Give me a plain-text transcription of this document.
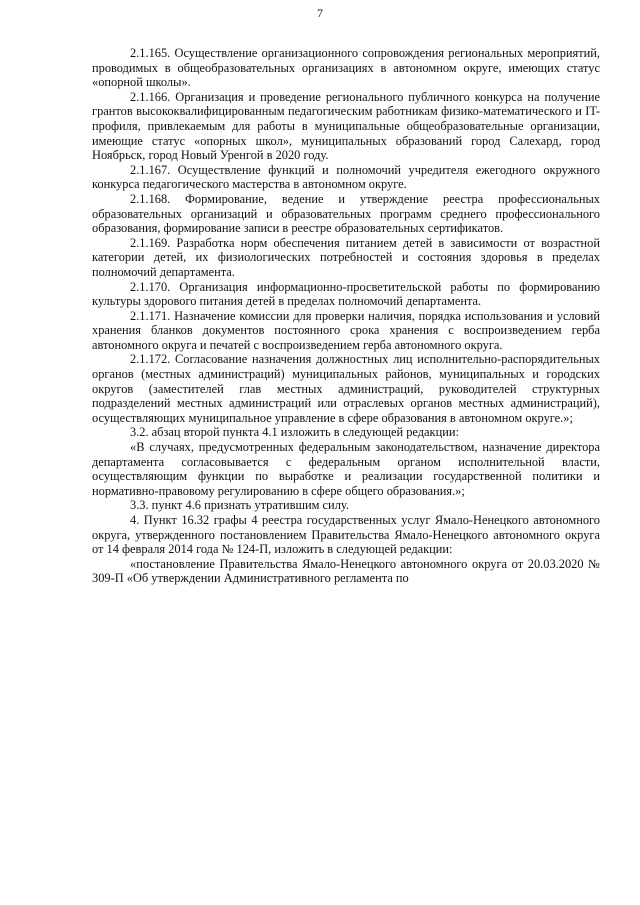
7

2.1.165. Осуществление организационного сопровождения региональных мероприятий, проводимых в общеобразовательных организациях в автономном округе, имеющих статус «опорной школы».

2.1.166. Организация и проведение регионального публичного конкурса на получение грантов высококвалифицированным педагогическим работникам физико-математического и IT-профиля, привлекаемым для работы в муниципальные общеобразовательные организации, имеющие статус «опорных школ», муниципальных образований город Салехард, город Ноябрьск, город Новый Уренгой в 2020 году.

2.1.167. Осуществление функций и полномочий учредителя ежегодного окружного конкурса педагогического мастерства в автономном округе.

2.1.168. Формирование, ведение и утверждение реестра профессиональных образовательных организаций и образовательных программ среднего профессионального образования, формирование записи в реестре образовательных сертификатов.

2.1.169. Разработка норм обеспечения питанием детей в зависимости от возрастной категории детей, их физиологических потребностей и состояния здоровья в пределах полномочий департамента.

2.1.170. Организация информационно-просветительской работы по формированию культуры здорового питания детей в пределах полномочий департамента.

2.1.171. Назначение комиссии для проверки наличия, порядка использования и условий хранения бланков документов постоянного срока хранения с воспроизведением герба автономного округа и печатей с воспроизведением герба автономного округа.

2.1.172. Согласование назначения должностных лиц исполнительно-распорядительных органов (местных администраций) муниципальных районов, муниципальных и городских округов (заместителей глав местных администраций, руководителей структурных подразделений местных администраций или отраслевых органов местных администраций), осуществляющих муниципальное управление в сфере образования в автономном округе.»;

3.2. абзац второй пункта 4.1 изложить в следующей редакции:

«В случаях, предусмотренных федеральным законодательством, назначение директора департамента согласовывается с федеральным органом исполнительной власти, осуществляющим функции по выработке и реализации государственной политики и нормативно-правовому регулированию в сфере общего образования.»;

3.3. пункт 4.6 признать утратившим силу.

4. Пункт 16.32 графы 4 реестра государственных услуг Ямало-Ненецкого автономного округа, утвержденного постановлением Правительства Ямало-Ненецкого автономного округа от 14 февраля 2014 года № 124-П, изложить в следующей редакции:

«постановление Правительства Ямало-Ненецкого автономного округа от 20.03.2020 № 309-П «Об утверждении Административного регламента по
